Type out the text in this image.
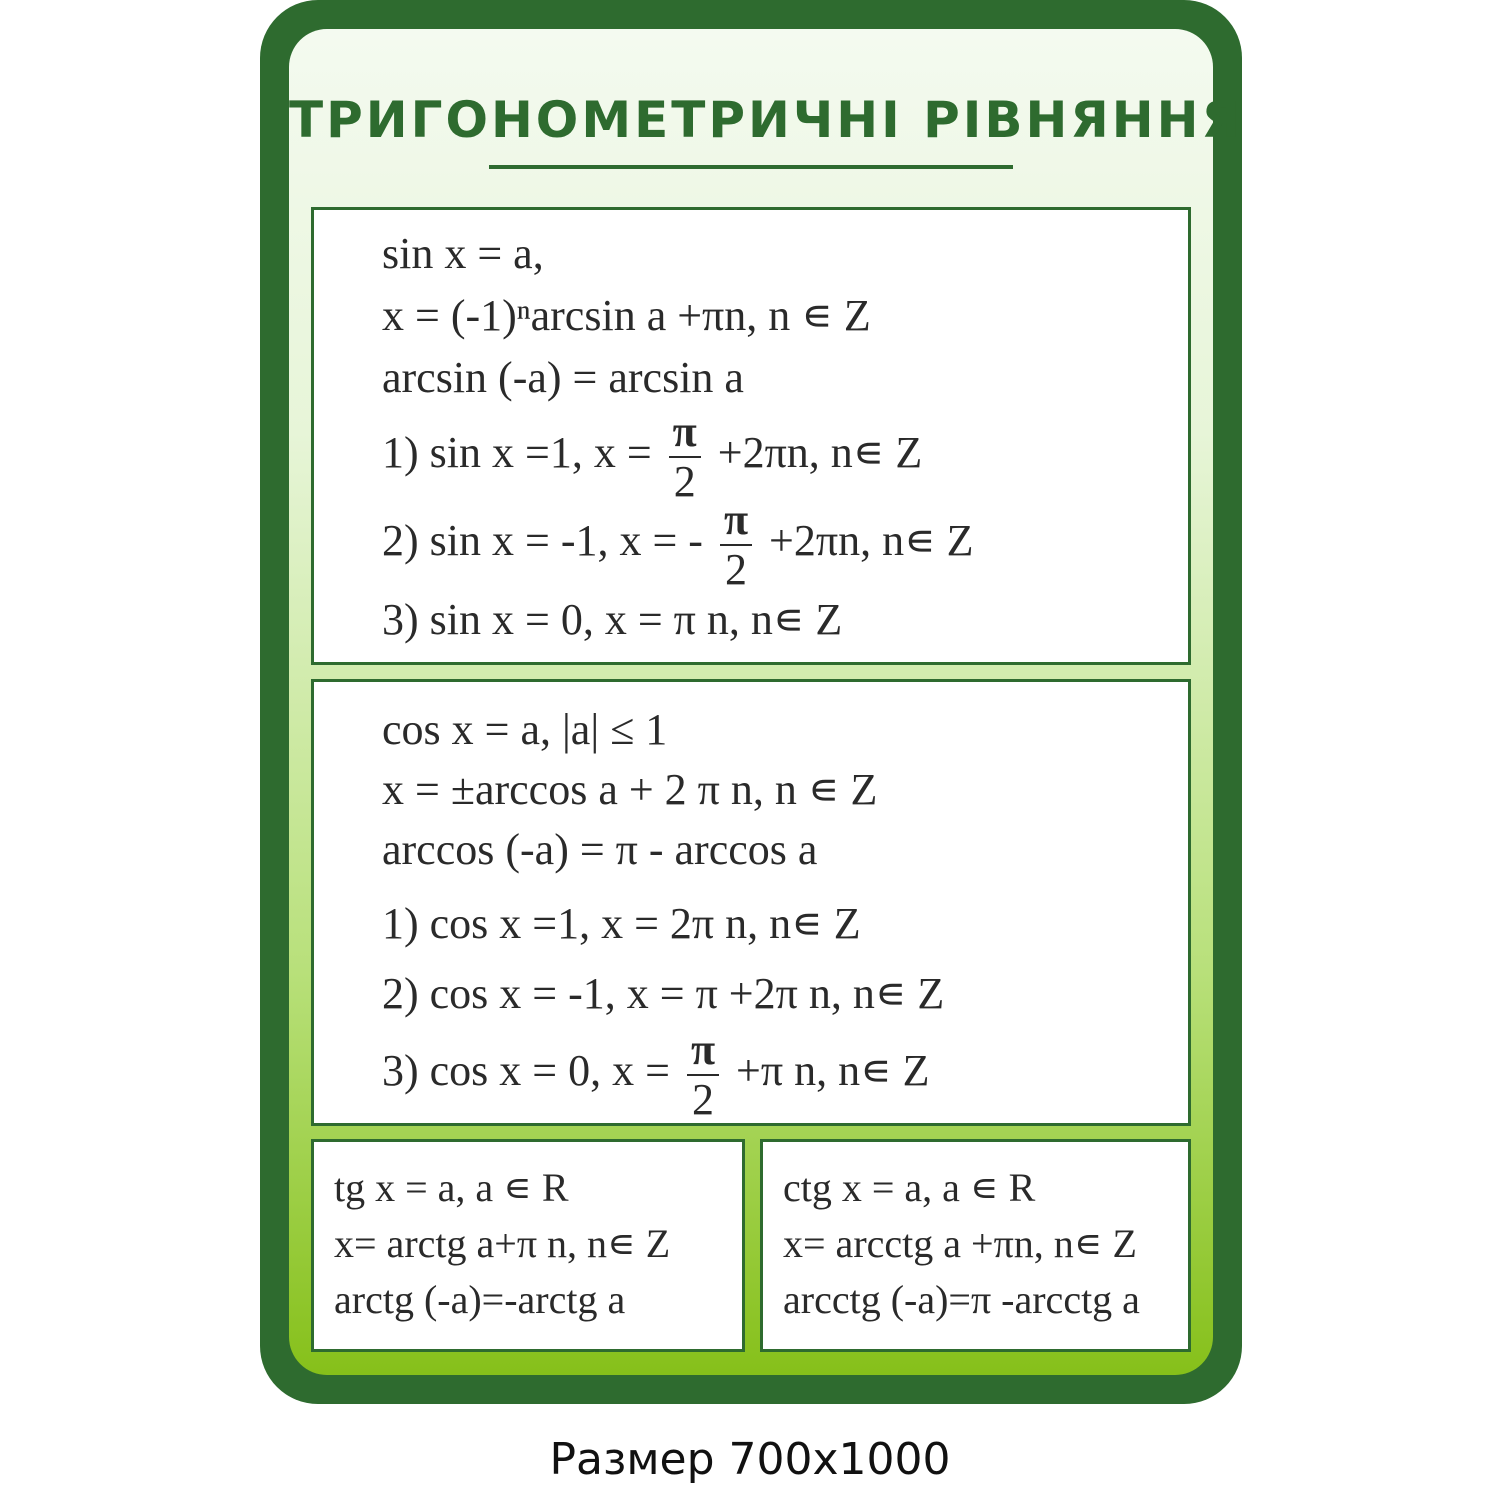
ТРИГОНОМЕТРИЧНІ РІВНЯННЯ
sin x = a,
x = (-1)ⁿarcsin a +πn, n ∊ Z
arcsin (-a) = arcsin a
1) sin x =1, $x = \frac{\pi}{2} +2\pi n$, n∊ Z
2) sin x = -1, x = - $\frac{\pi}{2} +2\pi n$, n∊ Z
3) sin x = 0, x = π n, n∊ Z
cos x = a, |a| ≤ 1
x = ±arccos a + 2 π n, n ∊ Z
arccos (-a) = π - arccos a
1) cos x =1, x = 2π n, n∊ Z
2) cos x = -1, x = π +2π n, n∊ Z
3) cos x = 0, $x = \frac{\pi}{2} +\pi$ n, n∊ Z
tg x = a, a ∊ R
x= arctg a+π n, n∊ Z
arctg (-a)=-arctg a
ctg x = a, a ∊ R
x= arcctg a +πn, n∊ Z
arcctg (-a)=π -arcctg a
Размер 700x1000
